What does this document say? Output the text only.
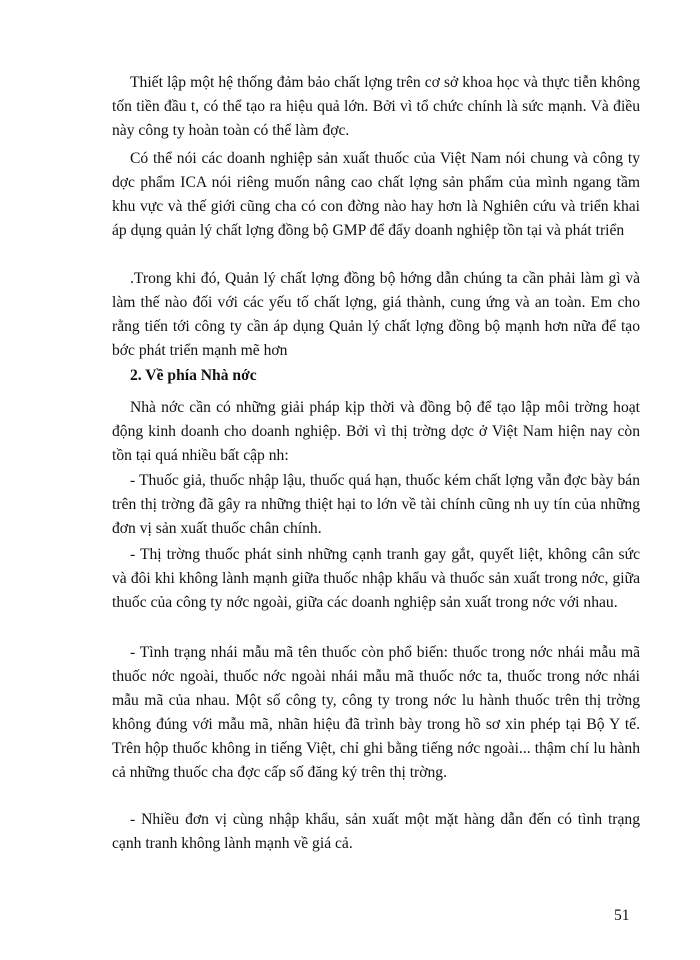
Thiết lập một hệ thống đảm bảo chất lợng trên cơ sở khoa học và thực tiễn không tốn tiền đầu t, có thể tạo ra hiệu quả lớn. Bởi vì tổ chức chính là sức mạnh. Và điều này công ty hoàn toàn có thể làm đợc.

Có thể nói các doanh nghiệp sản xuất thuốc của Việt Nam nói chung và công ty dợc phẩm ICA nói riêng muốn nâng cao chất lợng sản phẩm của mình ngang tầm khu vực và thế giới cũng cha có con đờng nào hay hơn là Nghiên cứu và triển khai áp dụng quản lý chất lợng đồng bộ GMP để đẩy doanh nghiệp tồn tại và phát triển

.Trong khi đó, Quản lý chất lợng đồng bộ hớng dẫn chúng ta cần phải làm gì và làm thế nào đối với các yếu tố chất lợng, giá thành, cung ứng và an toàn. Em cho rằng tiến tới công ty cần áp dụng Quản lý chất lợng đồng bộ mạnh hơn nữa để tạo bớc phát triển mạnh mẽ hơn

2. Về phía Nhà nớc

Nhà nớc cần có những giải pháp kịp thời và đồng bộ để tạo lập môi trờng hoạt động kinh doanh cho doanh nghiệp. Bởi vì thị trờng dợc ở Việt Nam hiện nay còn tồn tại quá nhiều bất cập nh:

- Thuốc giả, thuốc nhập lậu, thuốc quá hạn, thuốc kém chất lợng vẫn đợc bày bán trên thị trờng đã gây ra những thiệt hại to lớn về tài chính cũng nh uy tín của những đơn vị sản xuất thuốc chân chính.

- Thị trờng thuốc phát sinh những cạnh tranh gay gắt, quyết liệt, không cân sức và đôi khi không lành mạnh giữa thuốc nhập khẩu và thuốc sản xuất trong nớc, giữa thuốc của công ty nớc ngoài, giữa các doanh nghiệp sản xuất trong nớc với nhau.

- Tình trạng nhái mẫu mã tên thuốc còn phổ biến: thuốc trong nớc nhái mẫu mã thuốc nớc ngoài, thuốc nớc ngoài nhái mẫu mã thuốc nớc ta, thuốc trong nớc nhái mẫu mã của nhau. Một số công ty, công ty trong nớc lu hành thuốc trên thị trờng không đúng với mẫu mã, nhãn hiệu đã trình bày trong hồ sơ xin phép tại Bộ Y tế. Trên hộp thuốc không in tiếng Việt, chỉ ghi bằng tiếng nớc ngoài... thậm chí lu hành cả những thuốc cha đợc cấp số đăng ký trên thị trờng.

- Nhiều đơn vị cùng nhập khẩu, sản xuất một mặt hàng dẫn đến có tình trạng cạnh tranh không lành mạnh về giá cả.

51
